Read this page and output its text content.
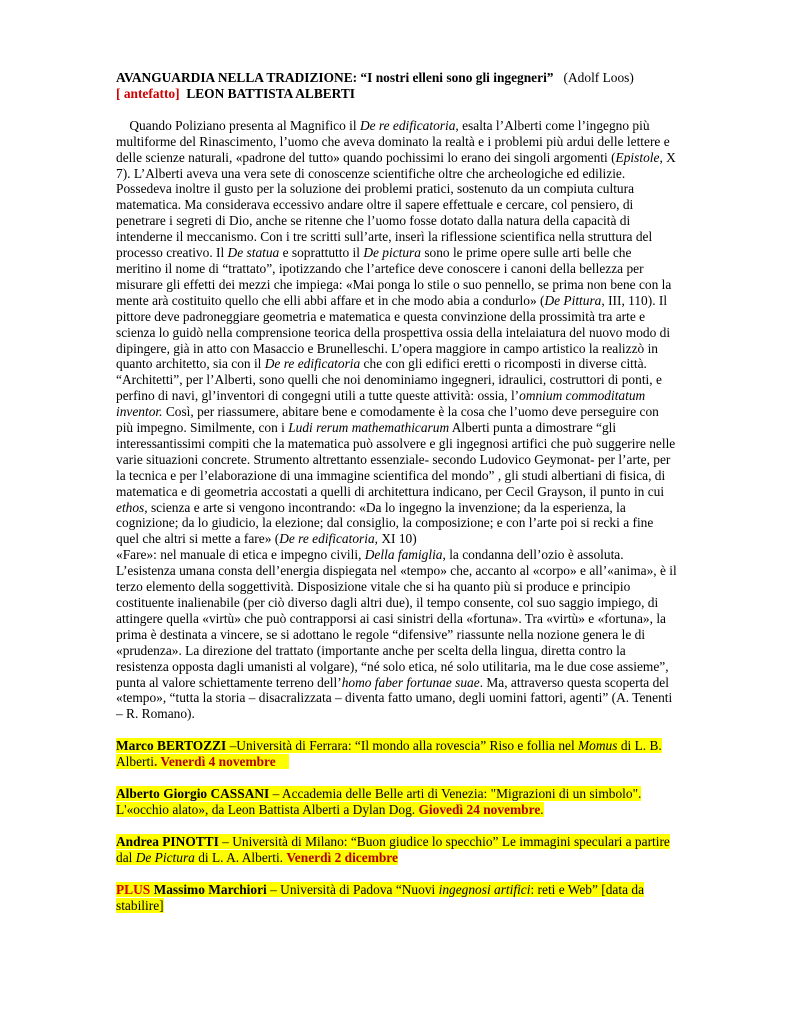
AVANGUARDIA NELLA TRADIZIONE: “I nostri elleni sono gli ingegneri” (Adolf Loos)

[ antefatto] LEON BATTISTA ALBERTI

Quando Poliziano presenta al Magnifico il De re edificatoria, esalta l’Alberti come l’ingegno più multiforme del Rinascimento, l’uomo che aveva dominato la realtà e i problemi più ardui delle lettere e delle scienze naturali, «padrone del tutto» quando pochissimi lo erano dei singoli argomenti (Epistole, X 7). L’Alberti aveva una vera sete di conoscenze scientifiche oltre che archeologiche ed edilizie. Possedeva inoltre il gusto per la soluzione dei problemi pratici, sostenuto da un compiuta cultura matematica. Ma considerava eccessivo andare oltre il sapere effettuale e cercare, col pensiero, di penetrare i segreti di Dio, anche se ritenne che l’uomo fosse dotato dalla natura della capacità di intenderne il meccanismo. Con i tre scritti sull’arte, inserì la riflessione scientifica nella struttura del processo creativo. Il De statua e soprattutto il De pictura sono le prime opere sulle arti belle che meritino il nome di “trattato”, ipotizzando che l’artefice deve conoscere i canoni della bellezza per misurare gli effetti dei mezzi che impiega: «Mai ponga lo stile o suo pennello, se prima non bene con la mente arà costituito quello che elli abbi affare et in che modo abia a condurlo» (De Pittura, III, 110). Il pittore deve padroneggiare geometria e matematica e questa convinzione della prossimità tra arte e scienza lo guidò nella comprensione teorica della prospettiva ossia della intelaiatura del nuovo modo di dipingere, già in atto con Masaccio e Brunelleschi. L’opera maggiore in campo artistico la realizzò in quanto architetto, sia con il De re edificatoria che con gli edifici eretti o ricomposti in diverse città. “Architetti”, per l’Alberti, sono quelli che noi denominiamo ingegneri, idraulici, costruttori di ponti, e perfino di navi, gl’inventori di congegni utili a tutte queste attività: ossia, l’omnium commoditatum inventor. Così, per riassumere, abitare bene e comodamente è la cosa che l’uomo deve perseguire con più impegno. Similmente, con i Ludi rerum mathemathicarum Alberti punta a dimostrare “gli interessantissimi compiti che la matematica può assolvere e gli ingegnosi artifici che può suggerire nelle varie situazioni concrete. Strumento altrettanto essenziale- secondo Ludovico Geymonat- per l’arte, per la tecnica e per l’elaborazione di una immagine scientifica del mondo” , gli studi albertiani di fisica, di matematica e di geometria accostati a quelli di architettura indicano, per Cecil Grayson, il punto in cui ethos, scienza e arte si vengono incontrando: «Da lo ingegno la invenzione; da la esperienza, la cognizione; da lo giudicio, la elezione; dal consiglio, la composizione; e con l’arte poi si recki a fine quel che altri si mette a fare» (De re edificatoria, XI 10)

«Fare»: nel manuale di etica e impegno civili, Della famiglia, la condanna dell’ozio è assoluta. L’esistenza umana consta dell’energia dispiegata nel «tempo» che, accanto al «corpo» e all’«anima», è il terzo elemento della soggettività. Disposizione vitale che si ha quanto più si produce e principio costituente inalienabile (per ciò diverso dagli altri due), il tempo consente, col suo saggio impiego, di attingere quella «virtù» che può contrapporsi ai casi sinistri della «fortuna». Tra «virtù» e «fortuna», la prima è destinata a vincere, se si adottano le regole “difensive” riassunte nella nozione genera le di «prudenza». La direzione del trattato (importante anche per scelta della lingua, diretta contro la resistenza opposta dagli umanisti al volgare), “né solo etica, né solo utilitaria, ma le due cose assieme”, punta al valore schiettamente terreno dell’homo faber fortunae suae. Ma, attraverso questa scoperta del «tempo», “tutta la storia – disacralizzata – diventa fatto umano, degli uomini fattori, agenti” (A. Tenenti – R. Romano).

Marco BERTOZZI –Università di Ferrara: “Il mondo alla rovescia” Riso e follia nel Momus di L. B. Alberti. Venerdì 4 novembre

Alberto Giorgio CASSANI – Accademia delle Belle arti di Venezia: "Migrazioni di un simbolo". L'«occhio alato», da Leon Battista Alberti a Dylan Dog. Giovedì 24 novembre.

Andrea PINOTTI – Università di Milano: “Buon giudice lo specchio” Le immagini speculari a partire dal De Pictura di L. A. Alberti. Venerdì 2 dicembre

PLUS Massimo Marchiori – Università di Padova “Nuovi ingegnosi artifici: reti e Web” [data da stabilire]
